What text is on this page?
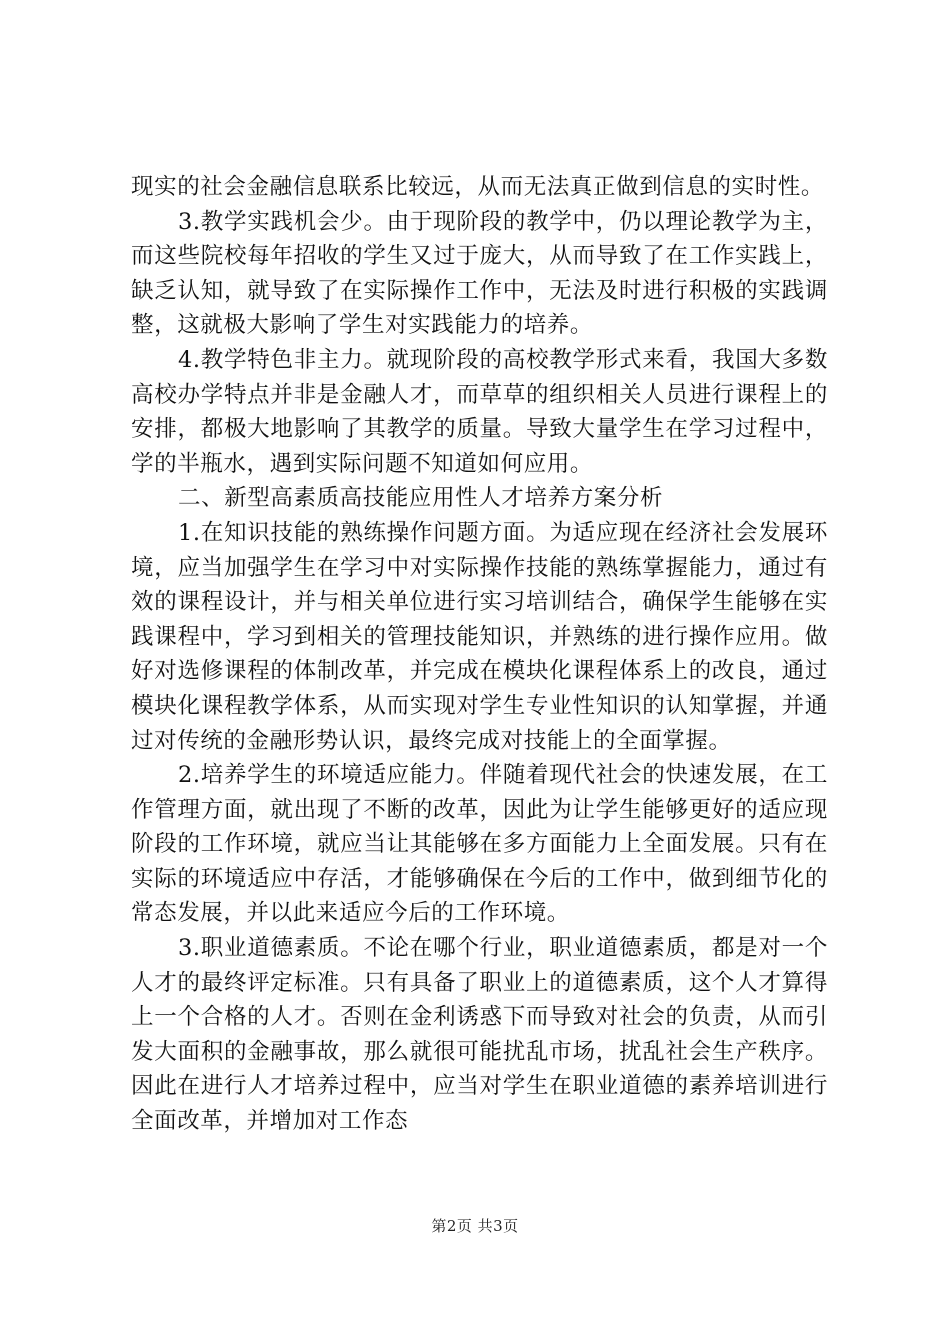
现实的社会金融信息联系比较远，从而无法真正做到信息的实时性。

3.教学实践机会少。由于现阶段的教学中，仍以理论教学为主，而这些院校每年招收的学生又过于庞大，从而导致了在工作实践上，缺乏认知，就导致了在实际操作工作中，无法及时进行积极的实践调整，这就极大影响了学生对实践能力的培养。

4.教学特色非主力。就现阶段的高校教学形式来看，我国大多数高校办学特点并非是金融人才，而草草的组织相关人员进行课程上的安排，都极大地影响了其教学的质量。导致大量学生在学习过程中，学的半瓶水，遇到实际问题不知道如何应用。

二、新型高素质高技能应用性人才培养方案分析

1.在知识技能的熟练操作问题方面。为适应现在经济社会发展环境，应当加强学生在学习中对实际操作技能的熟练掌握能力，通过有效的课程设计，并与相关单位进行实习培训结合，确保学生能够在实践课程中，学习到相关的管理技能知识，并熟练的进行操作应用。做好对选修课程的体制改革，并完成在模块化课程体系上的改良，通过模块化课程教学体系，从而实现对学生专业性知识的认知掌握，并通过对传统的金融形势认识，最终完成对技能上的全面掌握。

2.培养学生的环境适应能力。伴随着现代社会的快速发展，在工作管理方面，就出现了不断的改革，因此为让学生能够更好的适应现阶段的工作环境，就应当让其能够在多方面能力上全面发展。只有在实际的环境适应中存活，才能够确保在今后的工作中，做到细节化的常态发展，并以此来适应今后的工作环境。

3.职业道德素质。不论在哪个行业，职业道德素质，都是对一个人才的最终评定标准。只有具备了职业上的道德素质，这个人才算得上一个合格的人才。否则在金利诱惑下而导致对社会的负责，从而引发大面积的金融事故，那么就很可能扰乱市场，扰乱社会生产秩序。因此在进行人才培养过程中，应当对学生在职业道德的素养培训进行全面改革，并增加对工作态

第2页 共3页
